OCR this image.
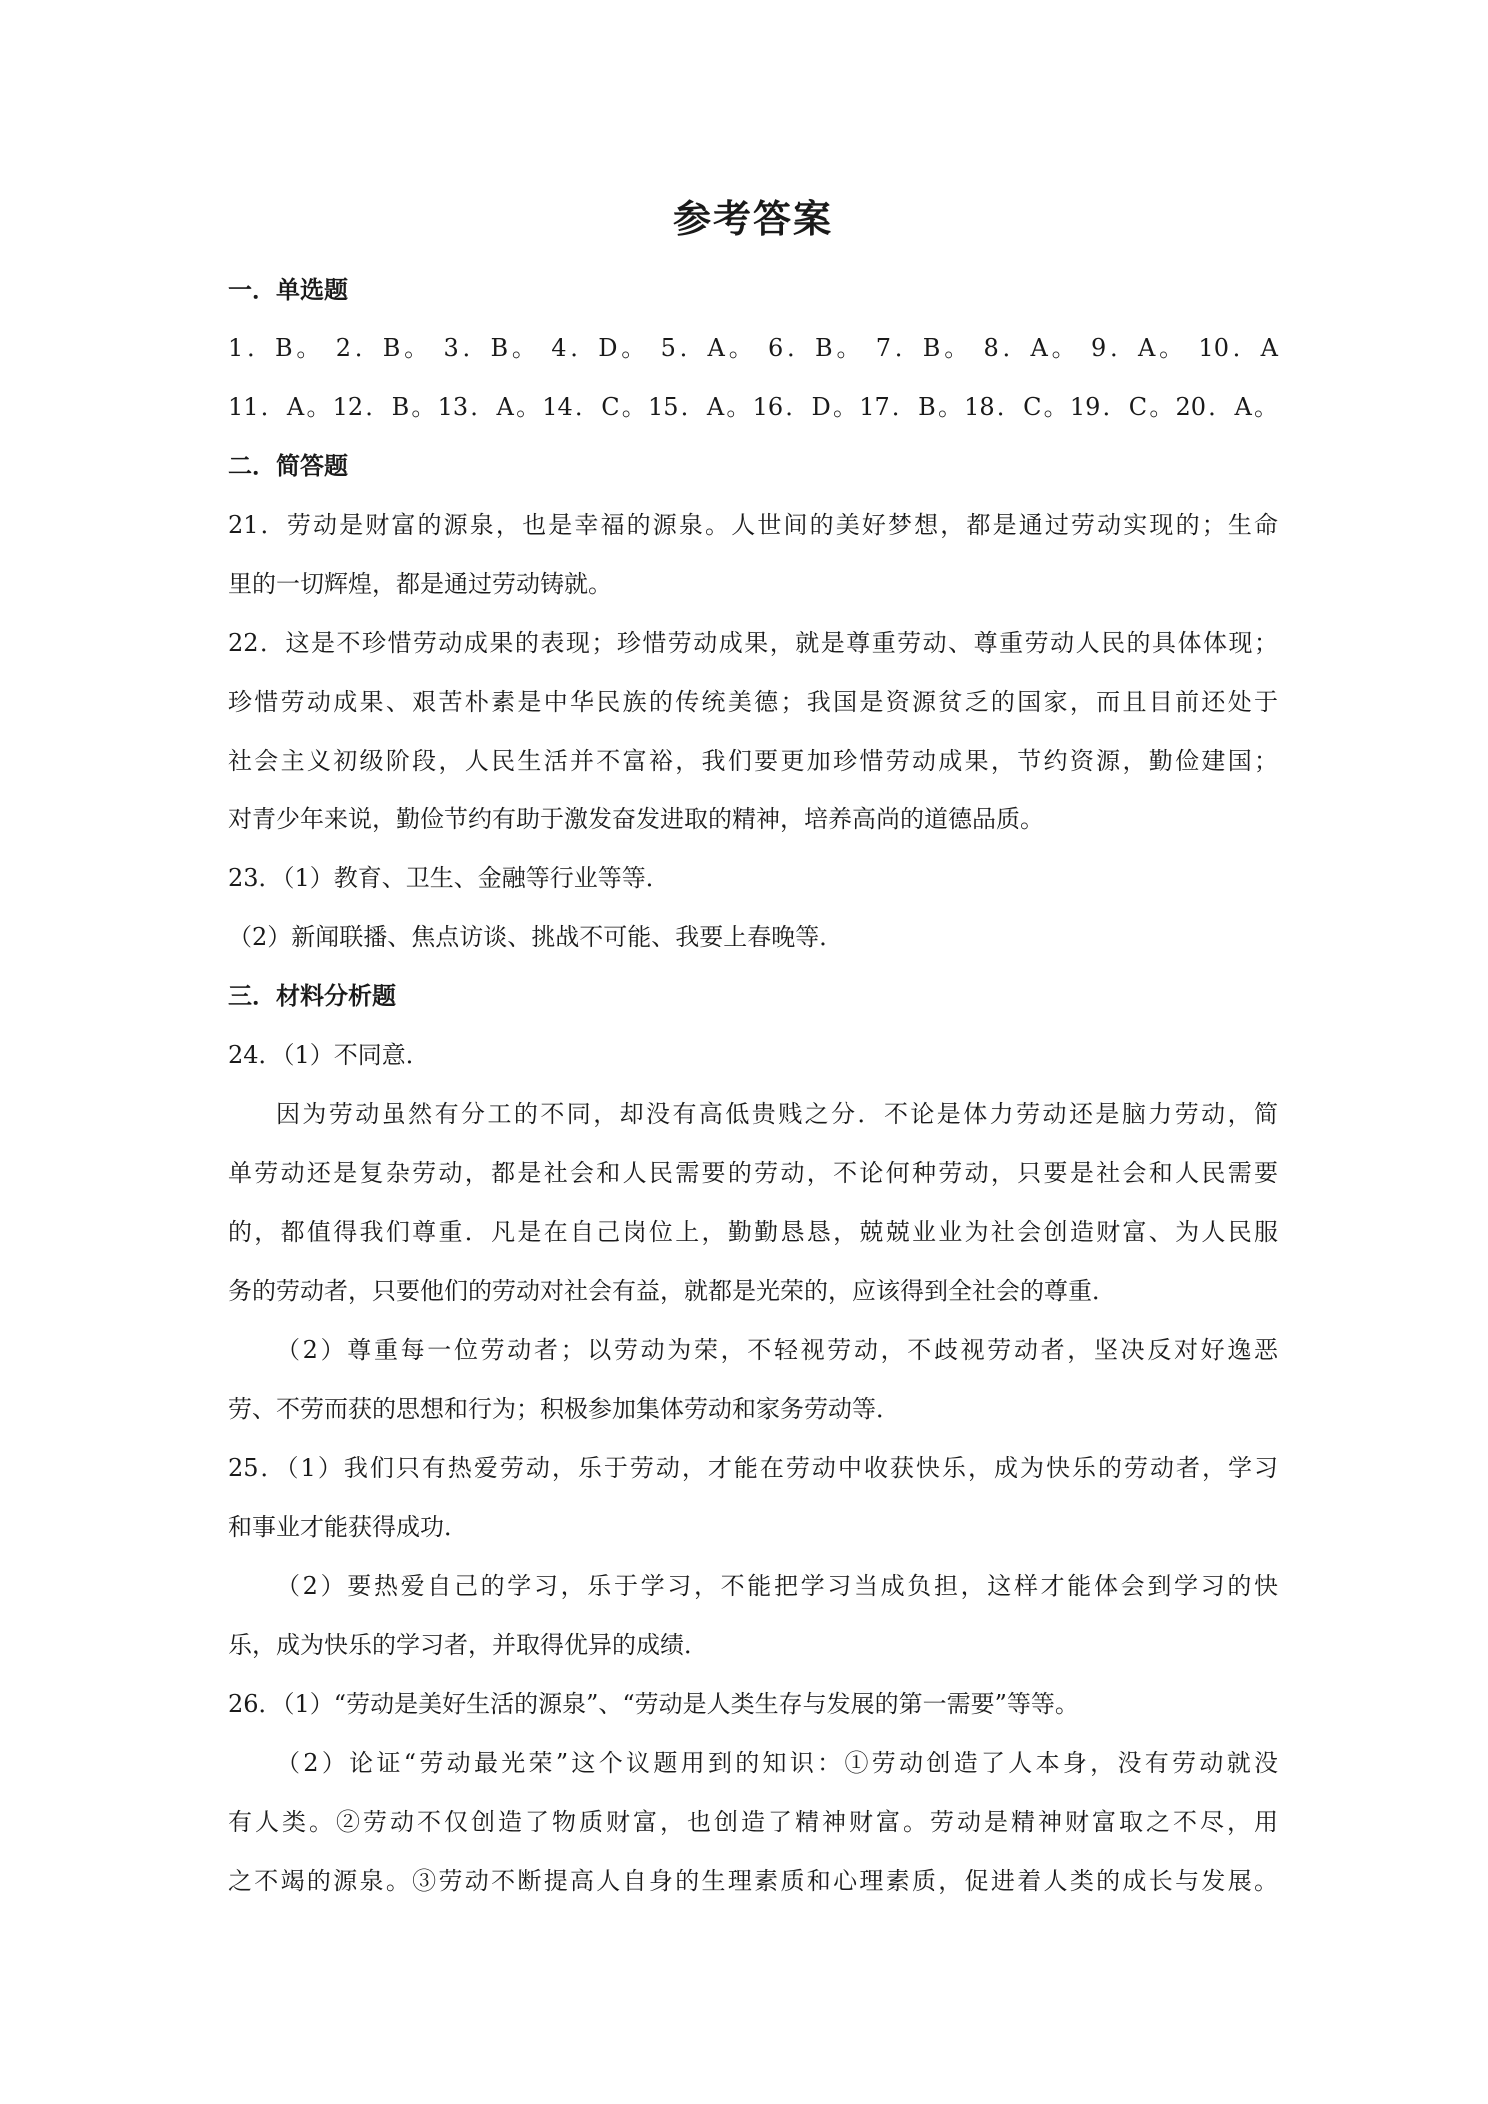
参考答案
一．单选题
1．B。 2．B。 3．B。 4．D。 5．A。 6．B。 7．B。 8．A。 9．A。 10．A
11．A。12．B。13．A。14．C。15．A。16．D。17．B。18．C。19．C。20．A。
二．简答题
21．劳动是财富的源泉，也是幸福的源泉。人世间的美好梦想，都是通过劳动实现的；生命
里的一切辉煌，都是通过劳动铸就。
22．这是不珍惜劳动成果的表现；珍惜劳动成果，就是尊重劳动、尊重劳动人民的具体体现；
珍惜劳动成果、艰苦朴素是中华民族的传统美德；我国是资源贫乏的国家，而且目前还处于
社会主义初级阶段，人民生活并不富裕，我们要更加珍惜劳动成果，节约资源，勤俭建国；
对青少年来说，勤俭节约有助于激发奋发进取的精神，培养高尚的道德品质。
23．（1）教育、卫生、金融等行业等等．
（2）新闻联播、焦点访谈、挑战不可能、我要上春晚等．
三．材料分析题
24．（1）不同意．
因为劳动虽然有分工的不同，却没有高低贵贱之分．不论是体力劳动还是脑力劳动，简
单劳动还是复杂劳动，都是社会和人民需要的劳动，不论何种劳动，只要是社会和人民需要
的，都值得我们尊重．凡是在自己岗位上，勤勤恳恳，兢兢业业为社会创造财富、为人民服
务的劳动者，只要他们的劳动对社会有益，就都是光荣的，应该得到全社会的尊重．
（2）尊重每一位劳动者；以劳动为荣，不轻视劳动，不歧视劳动者，坚决反对好逸恶
劳、不劳而获的思想和行为；积极参加集体劳动和家务劳动等．
25．（1）我们只有热爱劳动，乐于劳动，才能在劳动中收获快乐，成为快乐的劳动者，学习
和事业才能获得成功．
（2）要热爱自己的学习，乐于学习，不能把学习当成负担，这样才能体会到学习的快
乐，成为快乐的学习者，并取得优异的成绩．
26．（1）“劳动是美好生活的源泉”、“劳动是人类生存与发展的第一需要”等等。
（2）论证“劳动最光荣”这个议题用到的知识：①劳动创造了人本身，没有劳动就没
有人类。②劳动不仅创造了物质财富，也创造了精神财富。劳动是精神财富取之不尽，用
之不竭的源泉。③劳动不断提高人自身的生理素质和心理素质，促进着人类的成长与发展。
